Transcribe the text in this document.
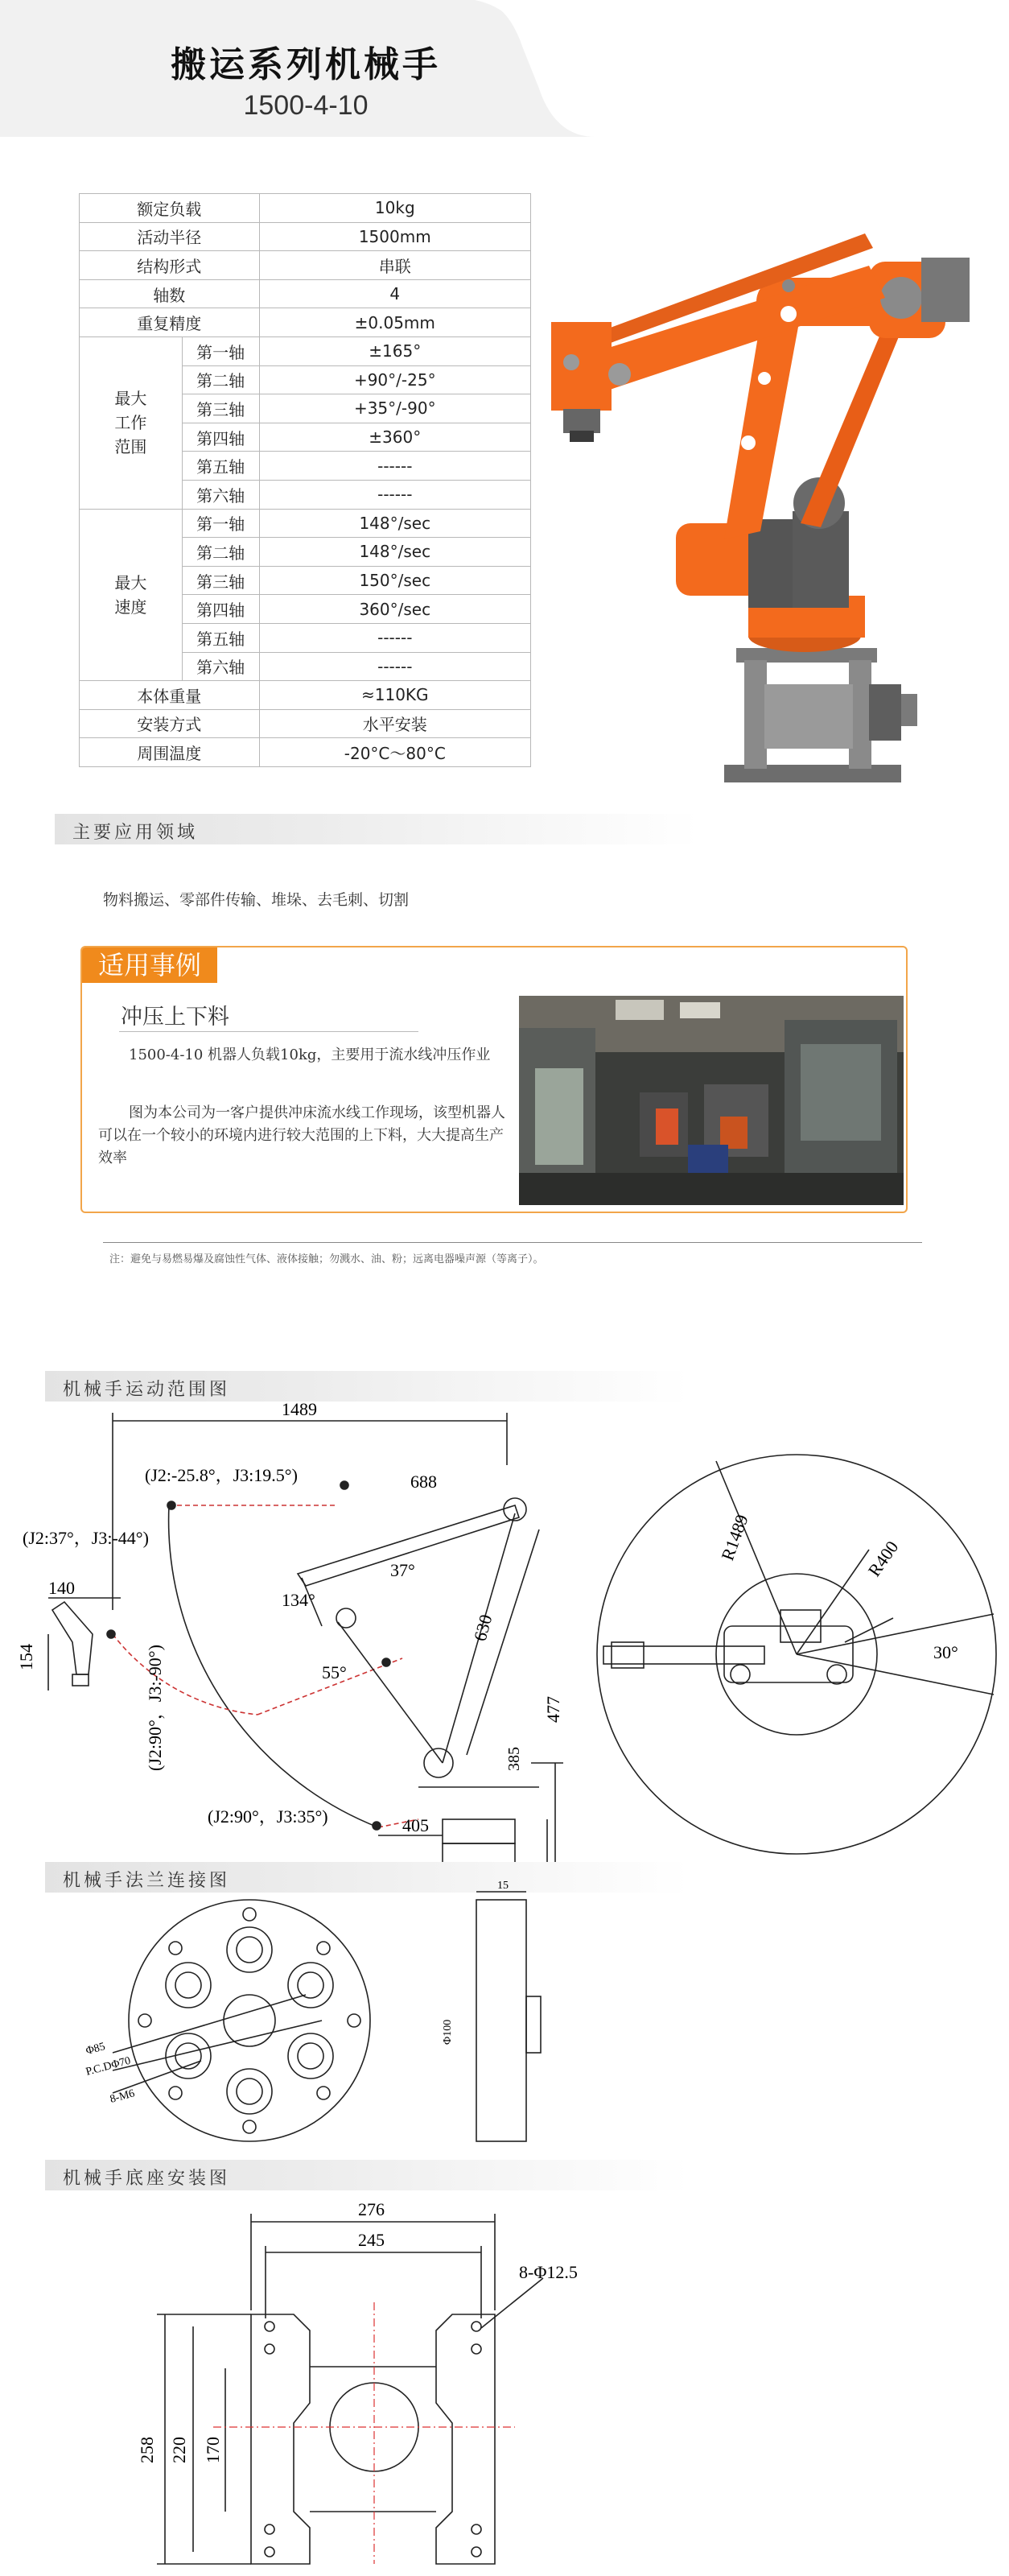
搬运系列机械手
1500-4-10
额定负载		10kg
活动半径		1500mm
结构形式		串联
轴数		4
重复精度		±0.05mm
最大
工作
范围	第一轴	±165°
	第二轴	+90°/-25°
	第三轴	+35°/-90°
	第四轴	±360°
	第五轴	------
	第六轴	------
最大
速度	第一轴	148°/sec
	第二轴	148°/sec
	第三轴	150°/sec
	第四轴	360°/sec
	第五轴	------
	第六轴	------
本体重量		≈110KG
安装方式		水平安装
周围温度		-20°C～80°C
主要应用领域
物料搬运、零部件传输、堆垛、去毛刺、切割
适用事例
冲压上下料
1500-4-10 机器人负载10kg，主要用于流水线冲压作业
图为本公司为一客户提供冲床流水线工作现场，该型机器人可以在一个较小的环境内进行较大范围的上下料，大大提高生产效率
注：避免与易燃易爆及腐蚀性气体、液体接触；勿溅水、油、粉；远离电器噪声源（等离子）。
机械手运动范围图
1489
688
37°
134°
55°
630
477
385
405
140
154
(J2:-25.8°，J3:19.5°)
(J2:37°，J3:-44°)
(J2:90°，J3:-90°)
(J2:90°，J3:35°)
R1489	R400
30°
机械手法兰连接图
Φ85
P.C.DΦ70
8-M6
15
Φ100
机械手底座安装图
276
245
258 220 170
8-Φ12.5
